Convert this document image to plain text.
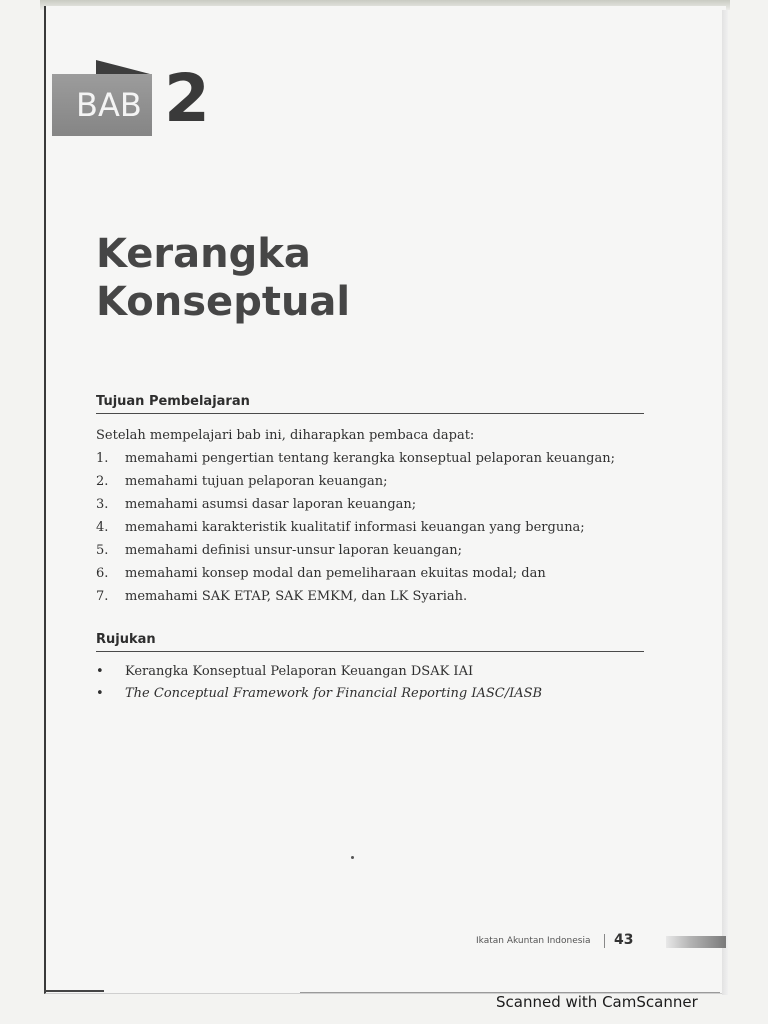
BAB 2
Kerangka
Konseptual
Tujuan Pembelajaran
Setelah mempelajari bab ini, diharapkan pembaca dapat:
1. memahami pengertian tentang kerangka konseptual pelaporan keuangan;
2. memahami tujuan pelaporan keuangan;
3. memahami asumsi dasar laporan keuangan;
4. memahami karakteristik kualitatif informasi keuangan yang berguna;
5. memahami definisi unsur-unsur laporan keuangan;
6. memahami konsep modal dan pemeliharaan ekuitas modal; dan
7. memahami SAK ETAP, SAK EMKM, dan LK Syariah.
Rujukan
• Kerangka Konseptual Pelaporan Keuangan DSAK IAI
• The Conceptual Framework for Financial Reporting IASC/IASB
Ikatan Akuntan Indonesia 43
Scanned with CamScanner
